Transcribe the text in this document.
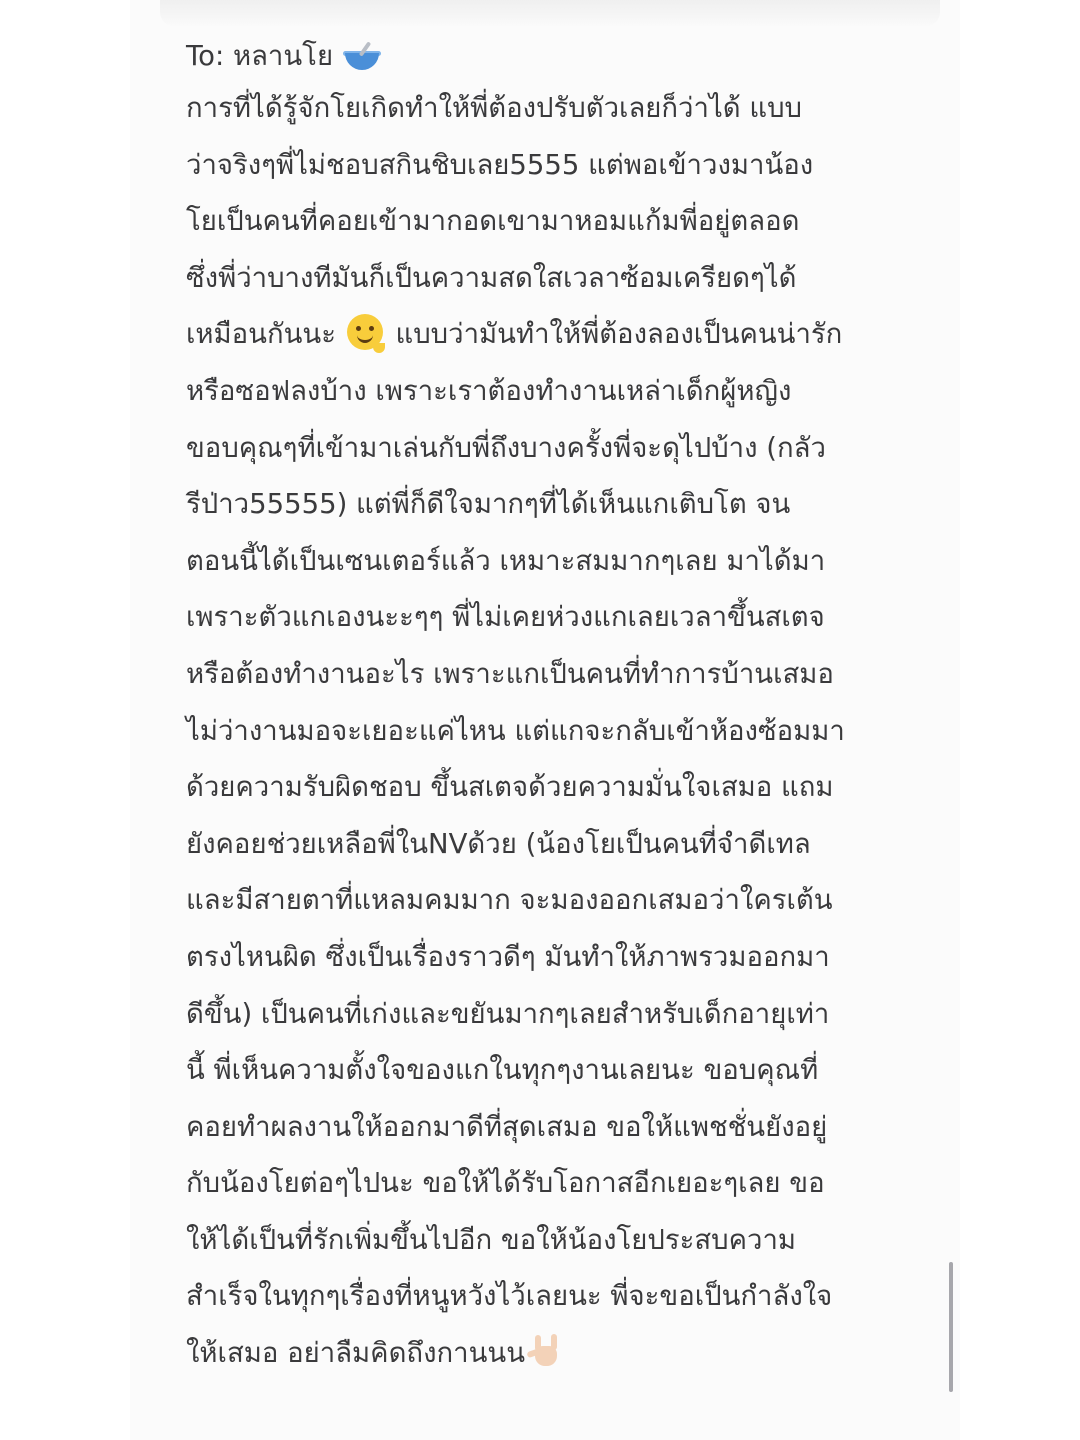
To: หลานโย
การที่ได้รู้จักโยเกิดทำให้พี่ต้องปรับตัวเลยก็ว่าได้ แบบ
ว่าจริงๆพี่ไม่ชอบสกินชิบเลย5555 แต่พอเข้าวงมาน้อง
โยเป็นคนที่คอยเข้ามากอดเขามาหอมแก้มพี่อยู่ตลอด
ซึ่งพี่ว่าบางทีมันก็เป็นความสดใสเวลาซ้อมเครียดๆได้
เหมือนกันนะ แบบว่ามันทำให้พี่ต้องลองเป็นคนน่ารัก
หรือซอฟลงบ้าง เพราะเราต้องทำงานเหล่าเด็กผู้หญิง
ขอบคุณๆที่เข้ามาเล่นกับพี่ถึงบางครั้งพี่จะดุไปบ้าง (กลัว
รีป่าว55555) แต่พี่ก็ดีใจมากๆที่ได้เห็นแกเติบโต จน
ตอนนี้ได้เป็นเซนเตอร์แล้ว เหมาะสมมากๆเลย มาได้มา
เพราะตัวแกเองนะะๆๆ พี่ไม่เคยห่วงแกเลยเวลาขึ้นสเตจ
หรือต้องทำงานอะไร เพราะแกเป็นคนที่ทำการบ้านเสมอ
ไม่ว่างานมอจะเยอะแค่ไหน แต่แกจะกลับเข้าห้องซ้อมมา
ด้วยความรับผิดชอบ ขึ้นสเตจด้วยความมั่นใจเสมอ แถม
ยังคอยช่วยเหลือพี่ในNVด้วย (น้องโยเป็นคนที่จำดีเทล
และมีสายตาที่แหลมคมมาก จะมองออกเสมอว่าใครเต้น
ตรงไหนผิด ซึ่งเป็นเรื่องราวดีๆ มันทำให้ภาพรวมออกมา
ดีขึ้น) เป็นคนที่เก่งและขยันมากๆเลยสำหรับเด็กอายุเท่า
นี้ พี่เห็นความตั้งใจของแกในทุกๆงานเลยนะ ขอบคุณที่
คอยทำผลงานให้ออกมาดีที่สุดเสมอ ขอให้แพชชั่นยังอยู่
กับน้องโยต่อๆไปนะ ขอให้ได้รับโอกาสอีกเยอะๆเลย ขอ
ให้ได้เป็นที่รักเพิ่มขึ้นไปอีก ขอให้น้องโยประสบความ
สำเร็จในทุกๆเรื่องที่หนูหวังไว้เลยนะ พี่จะขอเป็นกำลังใจ
ให้เสมอ อย่าลืมคิดถึงกานนน
